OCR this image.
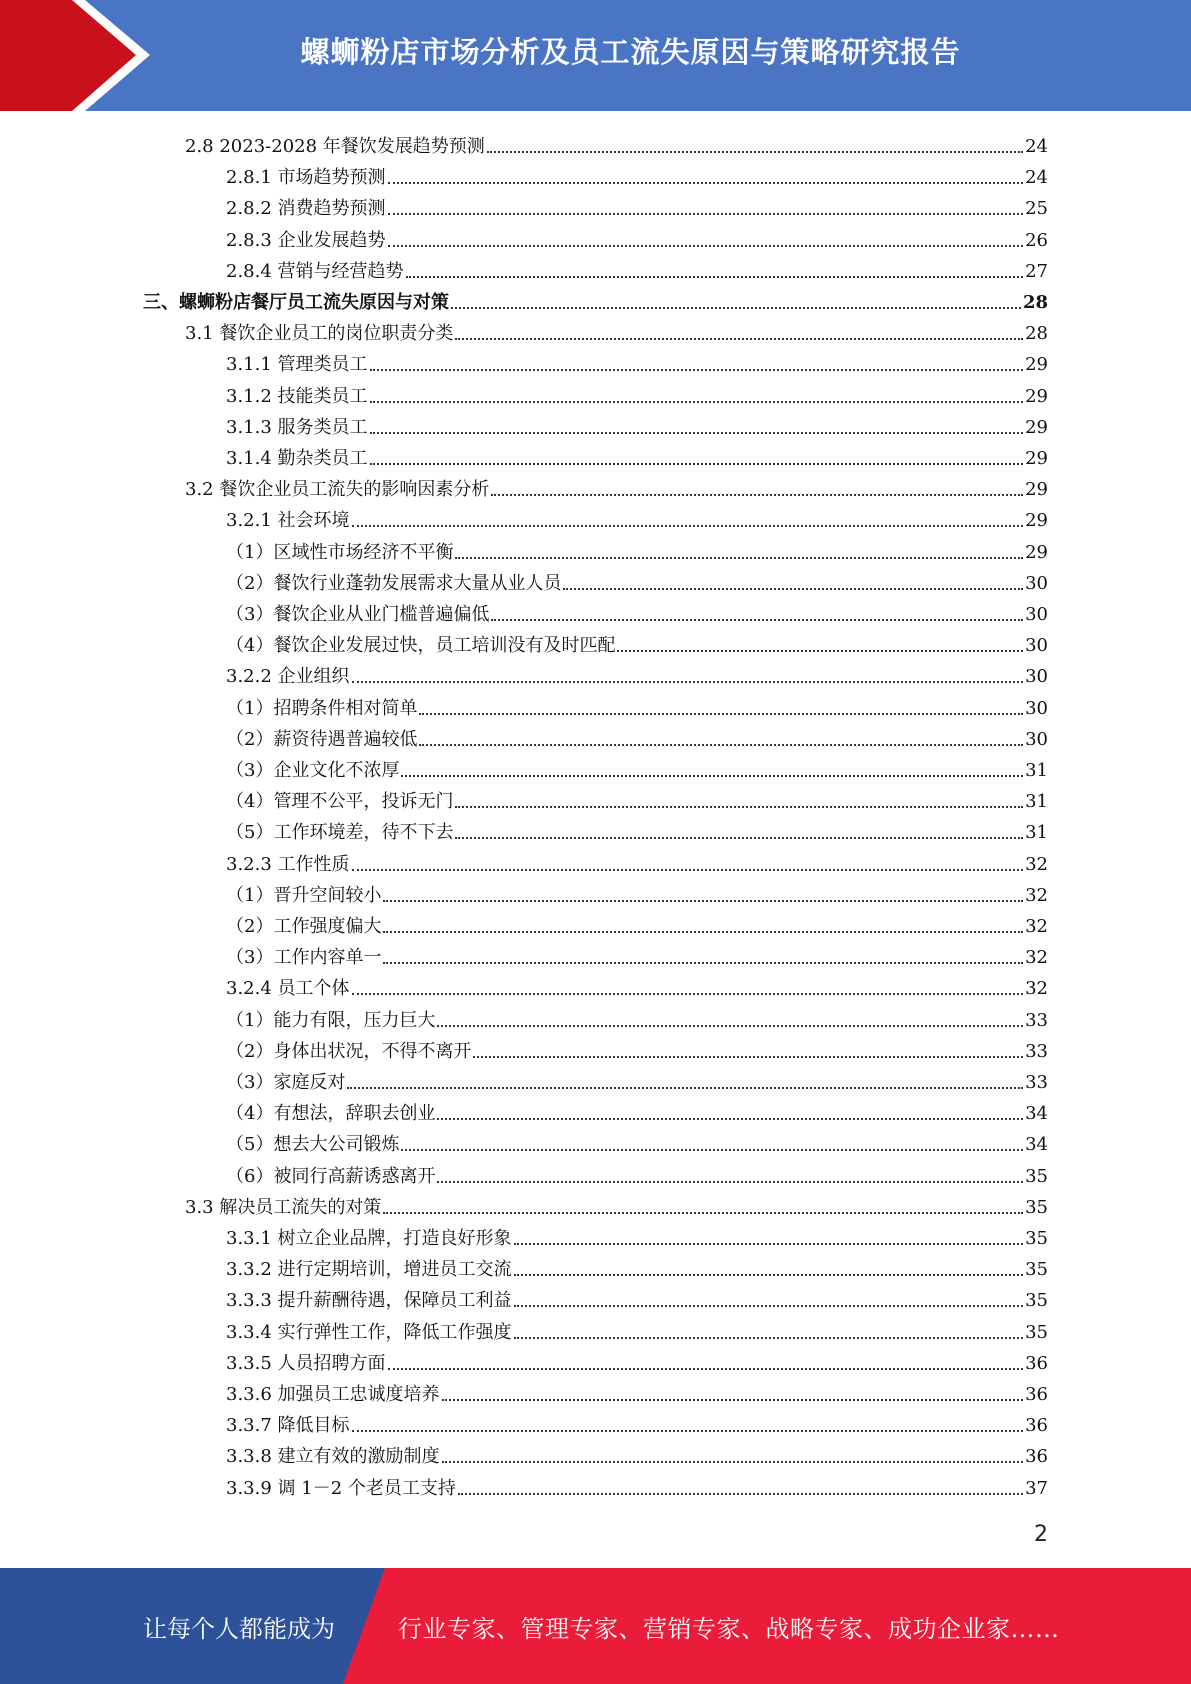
螺蛳粉店市场分析及员工流失原因与策略研究报告
2.8 2023-2028 年餐饮发展趋势预测	24
2.8.1 市场趋势预测	24
2.8.2 消费趋势预测	25
2.8.3 企业发展趋势	26
2.8.4 营销与经营趋势	27
三、螺蛳粉店餐厅员工流失原因与对策	28
3.1 餐饮企业员工的岗位职责分类	28
3.1.1 管理类员工	29
3.1.2 技能类员工	29
3.1.3 服务类员工	29
3.1.4 勤杂类员工	29
3.2 餐饮企业员工流失的影响因素分析	29
3.2.1 社会环境	29
（1）区域性市场经济不平衡	29
（2）餐饮行业蓬勃发展需求大量从业人员	30
（3）餐饮企业从业门槛普遍偏低	30
（4）餐饮企业发展过快，员工培训没有及时匹配	30
3.2.2 企业组织	30
（1）招聘条件相对简单	30
（2）薪资待遇普遍较低	30
（3）企业文化不浓厚	31
（4）管理不公平，投诉无门	31
（5）工作环境差，待不下去	31
3.2.3 工作性质	32
（1）晋升空间较小	32
（2）工作强度偏大	32
（3）工作内容单一	32
3.2.4 员工个体	32
（1）能力有限，压力巨大	33
（2）身体出状况，不得不离开	33
（3）家庭反对	33
（4）有想法，辞职去创业	34
（5）想去大公司锻炼	34
（6）被同行高薪诱惑离开	35
3.3 解决员工流失的对策	35
3.3.1 树立企业品牌，打造良好形象	35
3.3.2 进行定期培训，增进员工交流	35
3.3.3 提升薪酬待遇，保障员工利益	35
3.3.4 实行弹性工作，降低工作强度	35
3.3.5 人员招聘方面	36
3.3.6 加强员工忠诚度培养	36
3.3.7 降低目标	36
3.3.8 建立有效的激励制度	36
3.3.9 调 1－2 个老员工支持	37
2
让每个人都能成为	行业专家、管理专家、营销专家、战略专家、成功企业家……
